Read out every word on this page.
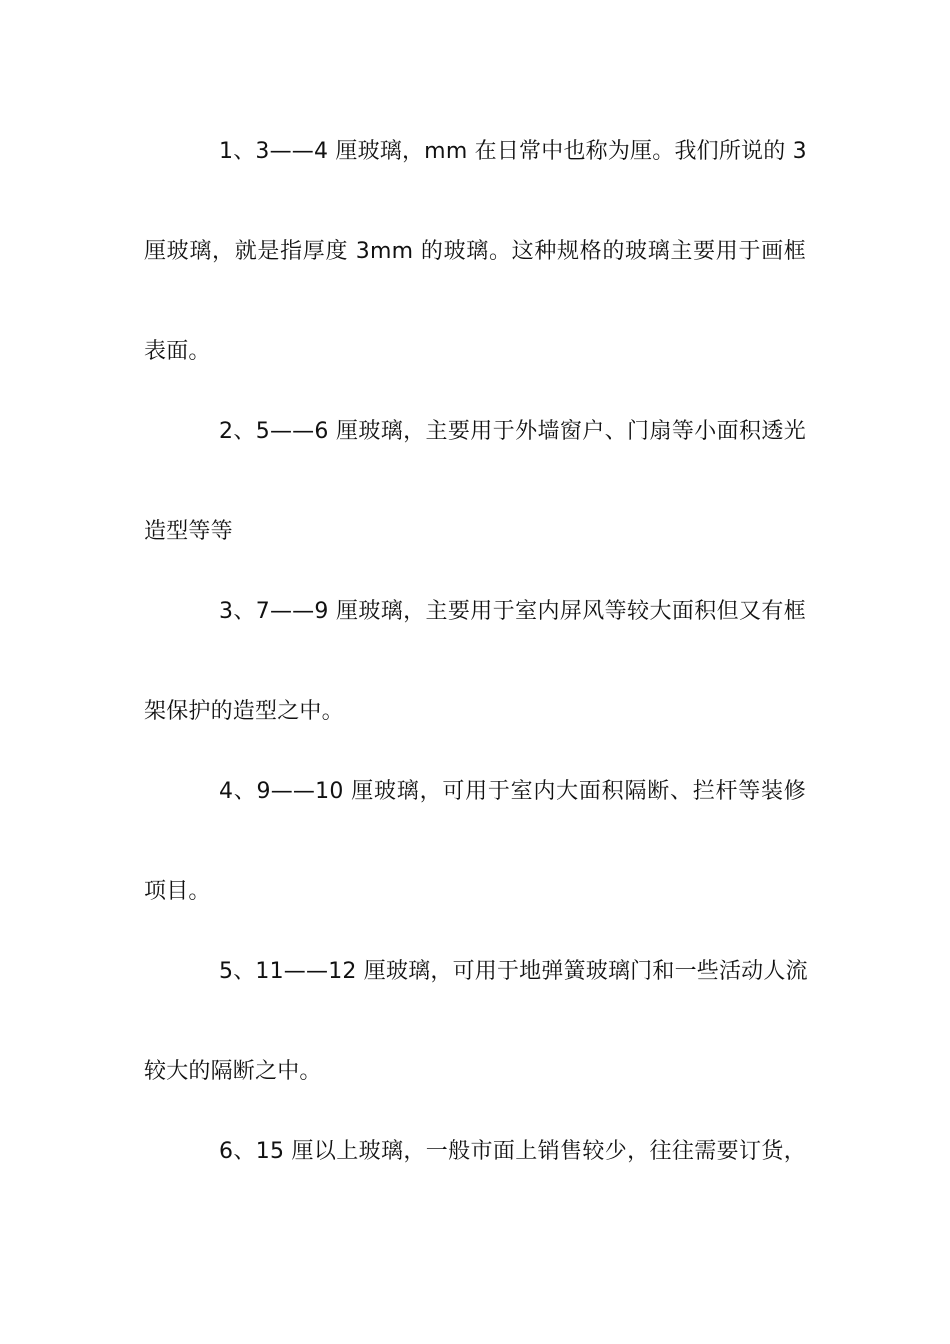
1、3——4 厘玻璃，mm 在日常中也称为厘。我们所说的 3
厘玻璃，就是指厚度 3mm 的玻璃。这种规格的玻璃主要用于画框
表面。
2、5——6 厘玻璃，主要用于外墙窗户、门扇等小面积透光
造型等等
3、7——9 厘玻璃，主要用于室内屏风等较大面积但又有框
架保护的造型之中。
4、9——10 厘玻璃，可用于室内大面积隔断、拦杆等装修
项目。
5、11——12 厘玻璃，可用于地弹簧玻璃门和一些活动人流
较大的隔断之中。
6、15 厘以上玻璃，一般市面上销售较少，往往需要订货，
